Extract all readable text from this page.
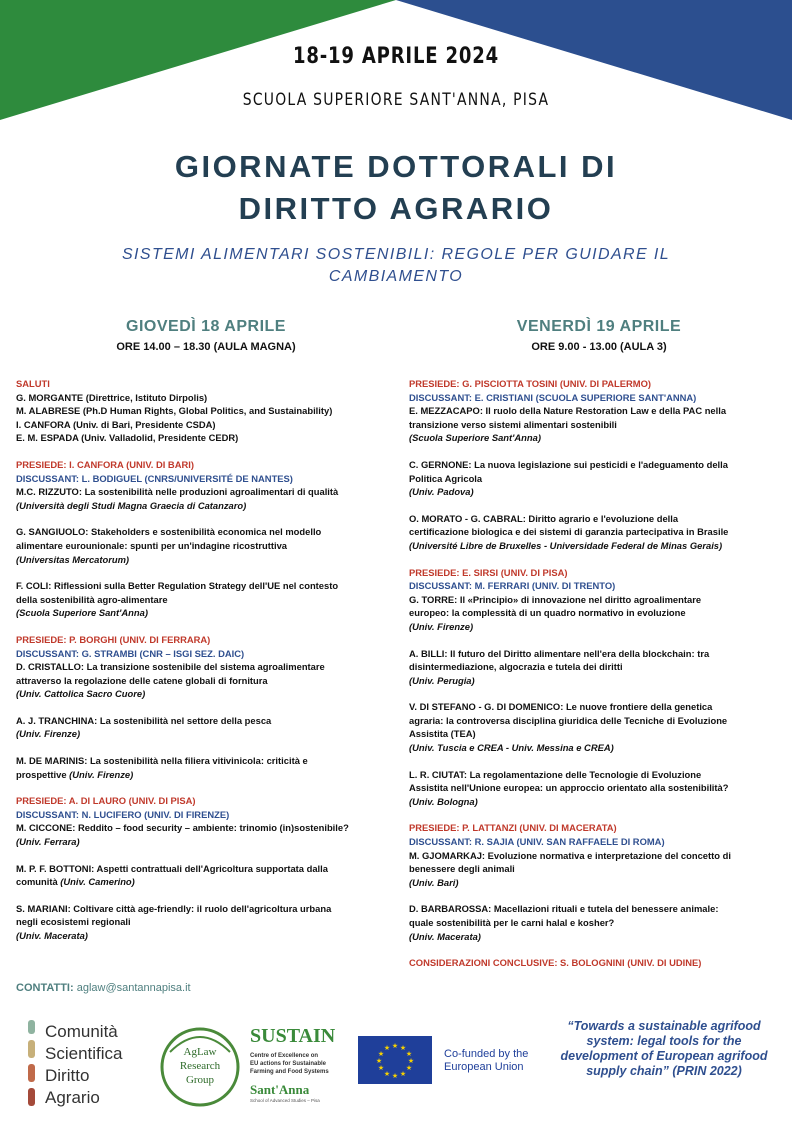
18-19 APRILE 2024
SCUOLA SUPERIORE SANT'ANNA, PISA
GIORNATE DOTTORALI DI
DIRITTO AGRARIO
SISTEMI ALIMENTARI SOSTENIBILI: REGOLE PER GUIDARE IL CAMBIAMENTO
GIOVEDÌ 18 APRILE
ORE 14.00 – 18.30 (AULA MAGNA)
SALUTI
G. MORGANTE (Direttrice, Istituto Dirpolis)
M. ALABRESE (Ph.D Human Rights, Global Politics, and Sustainability)
I. CANFORA (Univ. di Bari, Presidente CSDA)
E. M. ESPADA (Univ. Valladolid, Presidente CEDR)
PRESIEDE: I. CANFORA (UNIV. DI BARI)
DISCUSSANT: L. BODIGUEL (CNRS/UNIVERSITÉ DE NANTES)
M.C. RIZZUTO: La sostenibilità nelle produzioni agroalimentari di qualità
(Università degli Studi Magna Graecia di Catanzaro)
G. SANGIUOLO: Stakeholders e sostenibilità economica nel modello
alimentare eurounionale: spunti per un'indagine ricostruttiva
(Universitas Mercatorum)
F. COLI: Riflessioni sulla Better Regulation Strategy dell'UE nel contesto
della sostenibilità agro-alimentare
(Scuola Superiore Sant'Anna)
PRESIEDE: P. BORGHI (UNIV. DI FERRARA)
DISCUSSANT: G. STRAMBI (CNR – ISGI SEZ. DAIC)
D. CRISTALLO: La transizione sostenibile del sistema agroalimentare
attraverso la regolazione delle catene globali di fornitura
(Univ. Cattolica Sacro Cuore)
A. J. TRANCHINA: La sostenibilità nel settore della pesca
(Univ. Firenze)
M. DE MARINIS: La sostenibilità nella filiera vitivinicola: criticità e
prospettive (Univ. Firenze)
PRESIEDE: A. DI LAURO (UNIV. DI PISA)
DISCUSSANT: N. LUCIFERO (UNIV. DI FIRENZE)
M. CICCONE: Reddito – food security – ambiente: trinomio (in)sostenibile?
(Univ. Ferrara)
M. P. F. BOTTONI: Aspetti contrattuali dell'Agricoltura supportata dalla
comunità (Univ. Camerino)
S. MARIANI: Coltivare città age-friendly: il ruolo dell'agricoltura urbana
negli ecosistemi regionali
(Univ. Macerata)
VENERDÌ 19 APRILE
ORE 9.00 - 13.00 (AULA 3)
PRESIEDE: G. PISCIOTTA TOSINI (UNIV. DI PALERMO)
DISCUSSANT: E. CRISTIANI (SCUOLA SUPERIORE SANT'ANNA)
E. MEZZACAPO: Il ruolo della Nature Restoration Law e della PAC nella
transizione verso sistemi alimentari sostenibili
(Scuola Superiore Sant'Anna)
C. GERNONE: La nuova legislazione sui pesticidi e l'adeguamento della
Politica Agricola
(Univ. Padova)
O. MORATO - G. CABRAL: Diritto agrario e l'evoluzione della
certificazione biologica e dei sistemi di garanzia partecipativa in Brasile
(Université Libre de Bruxelles - Universidade Federal de Minas Gerais)
PRESIEDE: E. SIRSI (UNIV. DI PISA)
DISCUSSANT: M. FERRARI (UNIV. DI TRENTO)
G. TORRE: Il «Principio» di innovazione nel diritto agroalimentare
europeo: la complessità di un quadro normativo in evoluzione
(Univ. Firenze)
A. BILLI: Il futuro del Diritto alimentare nell'era della blockchain: tra
disintermediazione, algocrazia e tutela dei diritti
(Univ. Perugia)
V. DI STEFANO - G. DI DOMENICO: Le nuove frontiere della genetica
agraria: la controversa disciplina giuridica delle Tecniche di Evoluzione
Assistita (TEA)
(Univ. Tuscia e CREA - Univ. Messina e CREA)
L. R. CIUTAT: La regolamentazione delle Tecnologie di Evoluzione
Assistita nell'Unione europea: un approccio orientato alla sostenibilità?
(Univ. Bologna)
PRESIEDE: P. LATTANZI (UNIV. DI MACERATA)
DISCUSSANT: R. SAJIA (UNIV. SAN RAFFAELE DI ROMA)
M. GJOMARKAJ: Evoluzione normativa e interpretazione del concetto di
benessere degli animali
(Univ. Bari)
D. BARBAROSSA: Macellazioni rituali e tutela del benessere animale:
quale sostenibilità per le carni halal e kosher?
(Univ. Macerata)
CONSIDERAZIONI CONCLUSIVE: S. BOLOGNINI (UNIV. DI UDINE)
CONTATTI: aglaw@santannapisa.it
Comunità
Scientifica
Diritto
Agrario
AgLaw
Research
Group
SUSTAIN
Centre of Excellence on
EU actions for Sustainable
Farming and Food Systems
Sant'Anna
School of Advanced Studies – Pisa
★ ★
★
★
★
★
★
★
★
★
★
★	Co-funded by the
European Union
“Towards a sustainable agrifood system: legal tools for the development of European agrifood supply chain” (PRIN 2022)
